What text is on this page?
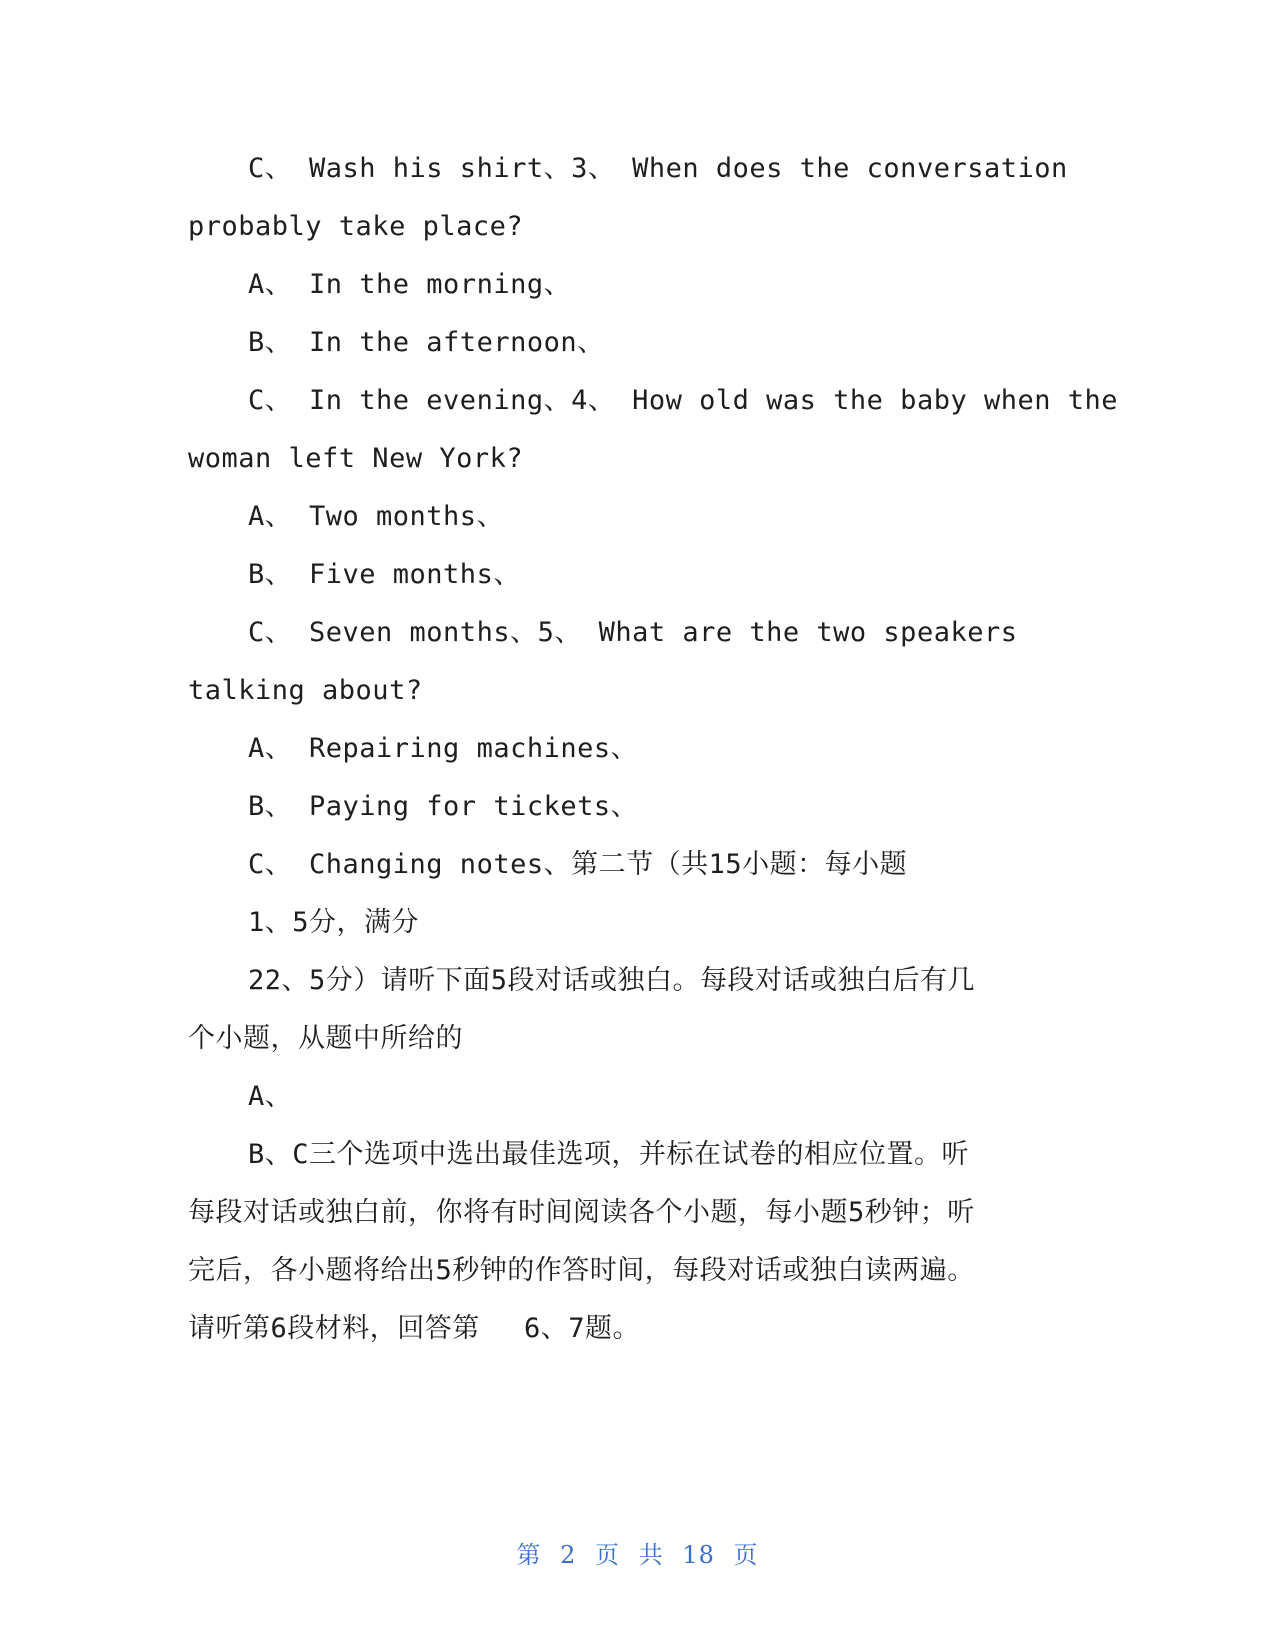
C、 Wash his shirt、3、 When does the conversation
probably take place?
A、 In the morning、
B、 In the afternoon、
C、 In the evening、4、 How old was the baby when the
woman left New York?
A、 Two months、
B、 Five months、
C、 Seven months、5、 What are the two speakers
talking about?
A、 Repairing machines、
B、 Paying for tickets、
C、 Changing notes、第二节（共15小题：每小题
1、5分，满分
22、5分）请听下面5段对话或独白。每段对话或独白后有几
个小题，从题中所给的
A、
B、C三个选项中选出最佳选项，并标在试卷的相应位置。听
每段对话或独白前，你将有时间阅读各个小题，每小题5秒钟；听
完后，各小题将给出5秒钟的作答时间，每段对话或独白读两遍。
请听第6段材料，回答第　 6、7题。
第 2 页 共 18 页
